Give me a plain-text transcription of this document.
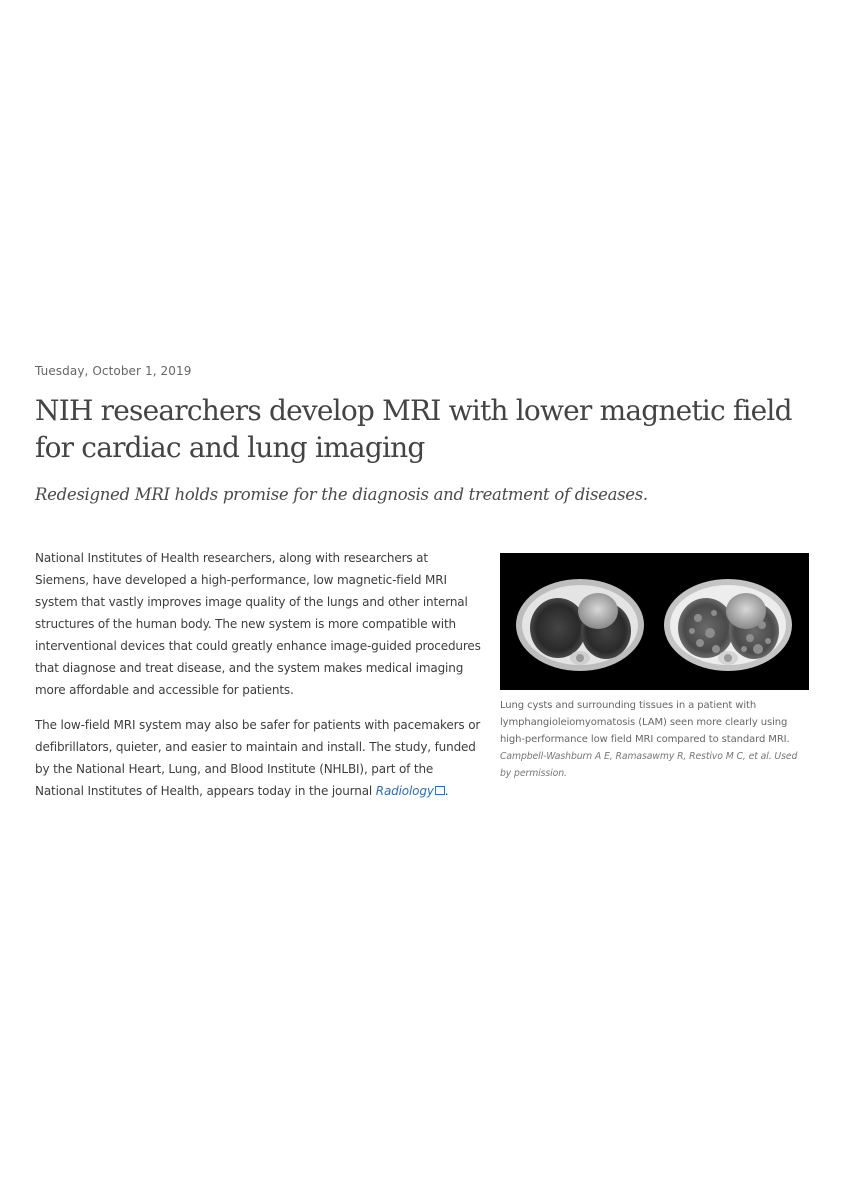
Tuesday, October 1, 2019
NIH researchers develop MRI with lower magnetic field for cardiac and lung imaging
Redesigned MRI holds promise for the diagnosis and treatment of diseases.

National Institutes of Health researchers, along with researchers at Siemens, have developed a high-performance, low magnetic-field MRI system that vastly improves image quality of the lungs and other internal structures of the human body. The new system is more compatible with interventional devices that could greatly enhance image-guided procedures that diagnose and treat disease, and the system makes medical imaging more affordable and accessible for patients.

The low-field MRI system may also be safer for patients with pacemakers or defibrillators, quieter, and easier to maintain and install. The study, funded by the National Heart, Lung, and Blood Institute (NHLBI), part of the National Institutes of Health, appears today in the journal Radiology .

Lung cysts and surrounding tissues in a patient with lymphangioleiomyomatosis (LAM) seen more clearly using high-performance low field MRI compared to standard MRI.  Campbell-Washburn A E, Ramasawmy R, Restivo M C, et al. Used by permission.
